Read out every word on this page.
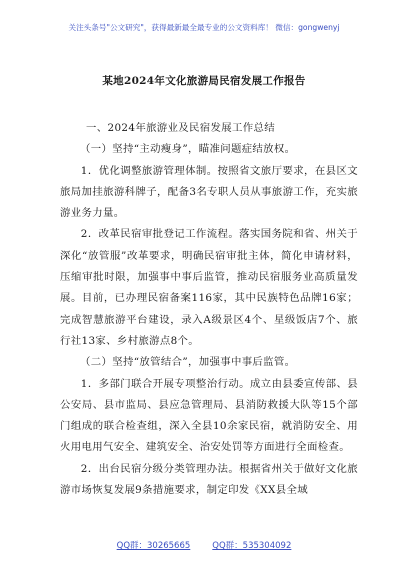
关注头条号"公文研究"，获得最新最全最专业的公文资料库！ 微信：gongwenyj
某地2024年文化旅游局民宿发展工作报告

一、2024年旅游业及民宿发展工作总结

（一）坚持“主动瘦身”，瞄准问题症结放权。

1．优化调整旅游管理体制。按照省文旅厅要求，在县区文旅局加挂旅游科牌子，配备3名专职人员从事旅游工作，充实旅游业务力量。

2．改革民宿审批登记工作流程。落实国务院和省、州关于深化“放管服”改革要求，明确民宿审批主体，简化申请材料，压缩审批时限，加强事中事后监管，推动民宿服务业高质量发展。目前，已办理民宿备案116家，其中民族特色品牌16家；完成智慧旅游平台建设，录入A级景区4个、星级饭店7个、旅行社13家、乡村旅游点8个。

（二）坚持“放管结合”，加强事中事后监管。

1．多部门联合开展专项整治行动。成立由县委宣传部、县公安局、县市监局、县应急管理局、县消防救援大队等15个部门组成的联合检查组，深入全县10余家民宿，就消防安全、用火用电用气安全、建筑安全、治安处罚等方面进行全面检查。

2．出台民宿分级分类管理办法。根据省州关于做好文化旅游市场恢复发展9条措施要求，制定印发《XX县全域

QQ群：30265665	QQ群：535304092
